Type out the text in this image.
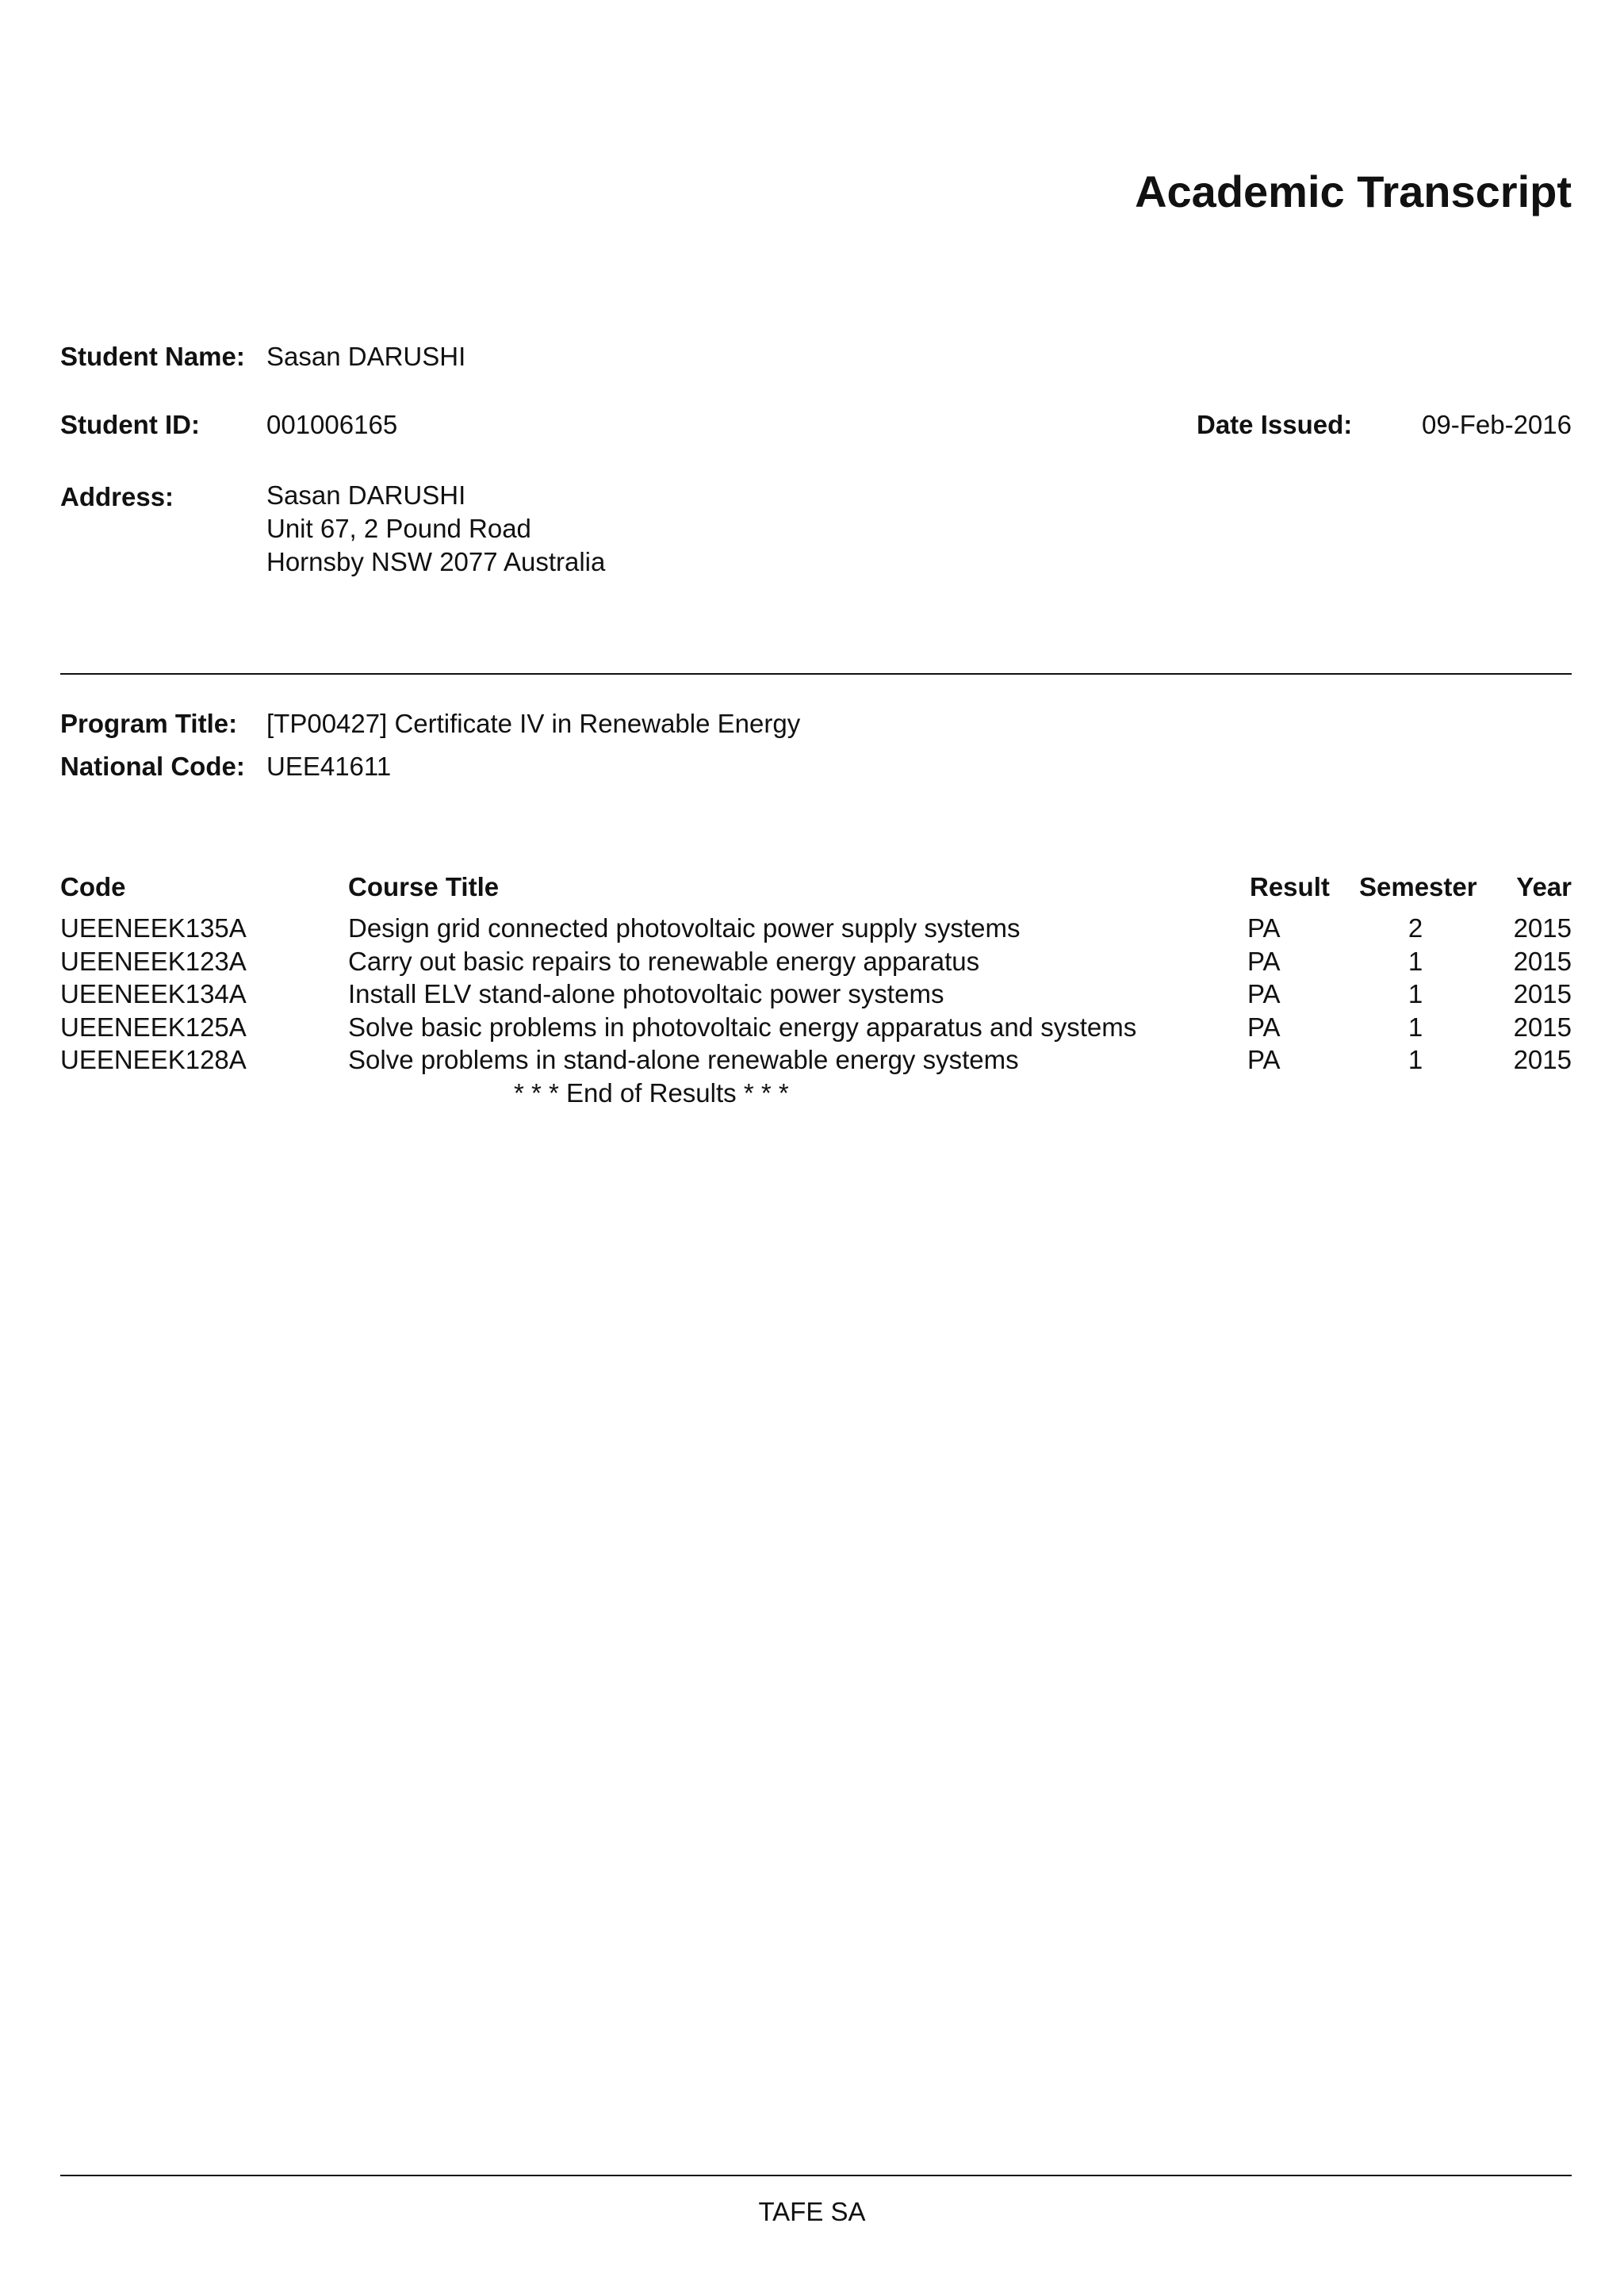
Academic Transcript
Student Name: Sasan DARUSHI
Student ID:	001006165	Date Issued:	09-Feb-2016
Address:	Sasan DARUSHI
Unit 67, 2 Pound Road
Hornsby NSW 2077 Australia
Program Title: [TP00427] Certificate IV in Renewable Energy
National Code: UEE41611
Code	Course Title	Result Semester Year
UEENEEK135A	Design grid connected photovoltaic power supply systems	PA	2	2015
UEENEEK123A	Carry out basic repairs to renewable energy apparatus	PA	1	2015
UEENEEK134A	Install ELV stand-alone photovoltaic power systems	PA	1	2015
UEENEEK125A	Solve basic problems in photovoltaic energy apparatus and systems	PA	1	2015
UEENEEK128A	Solve problems in stand-alone renewable energy systems	PA	1	2015
* * * End of Results * * *
TAFE SA
